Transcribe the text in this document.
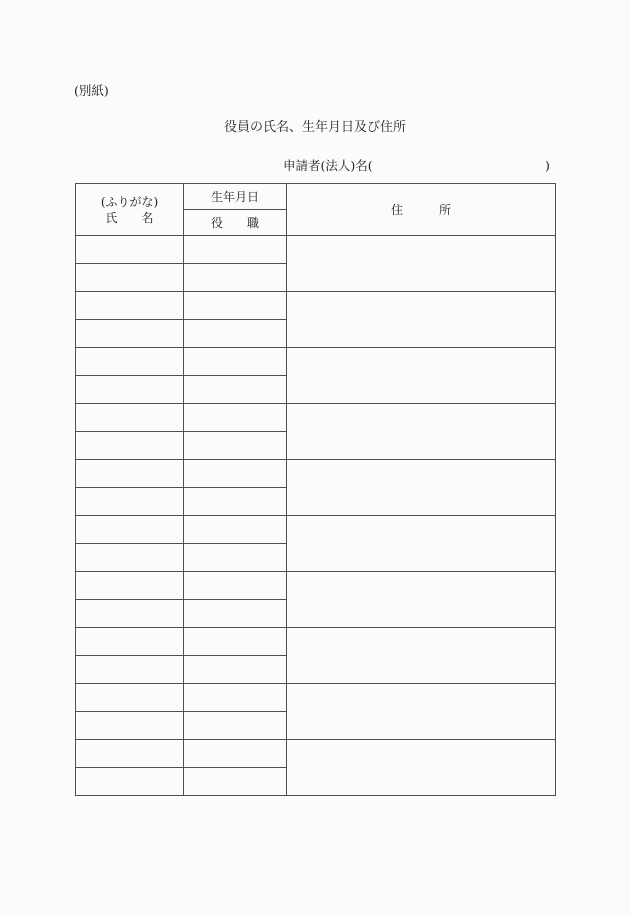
(別紙)
役員の氏名、生年月日及び住所
申請者(法人)名(	)
(ふりがな)
氏　　名	生年月日	住　　　所
	役　　職	
